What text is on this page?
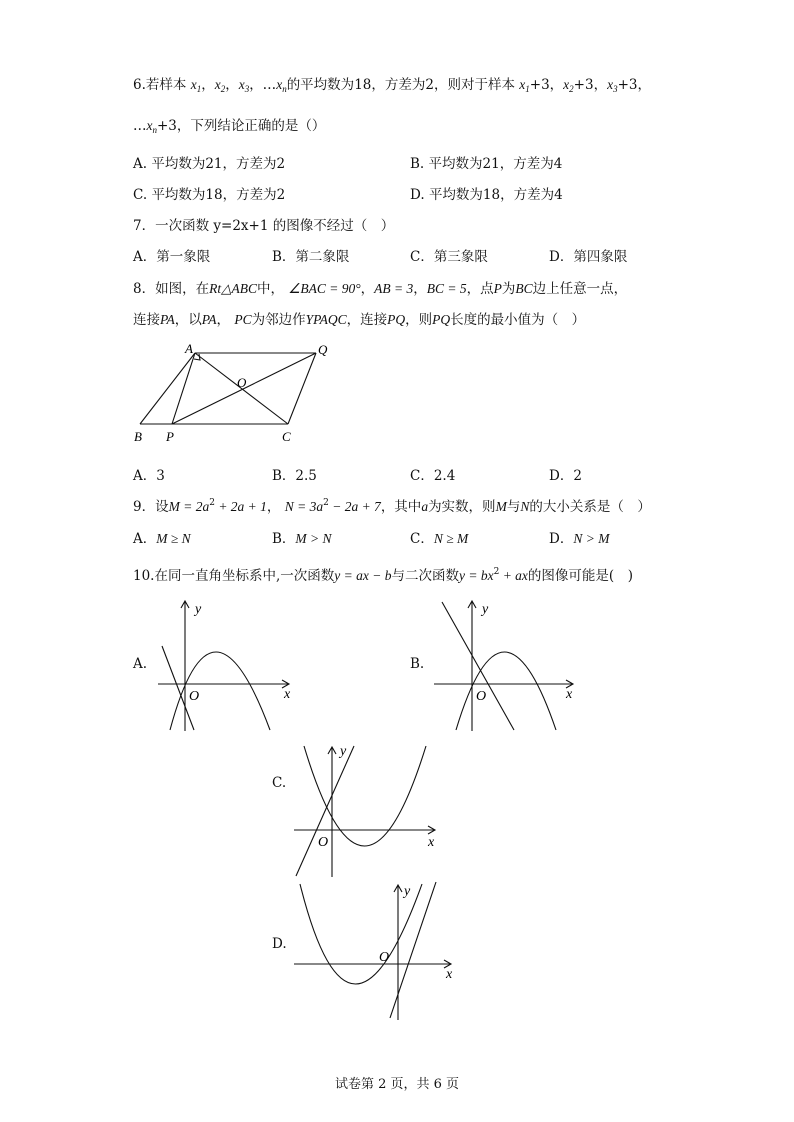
6.若样本 $x_1$，$x_2$，$x_3$，$\dots x_n$的平均数为18，方差为2，则对于样本 $x_1+3$，$x_2+3$，$x_3+3$，
$\dots x_n+3$，下列结论正确的是（）
A. 平均数为21，方差为2	B. 平均数为21，方差为4
C. 平均数为18，方差为2	D. 平均数为18，方差为4
7．一次函数 y=2x+1 的图像不经过（　）
A．第一象限	B．第二象限	C．第三象限	D．第四象限
8．如图，在Rt△ABC中， ∠BAC = 90°，AB = 3，BC = 5，点P为BC边上任意一点，
连接PA，以PA， PC为邻边作YPAQC，连接PQ，则PQ长度的最小值为（　）
A	Q
O
B P	C
A．3	B．2.5	C．2.4	D．2
9．设$M = 2a^2 + 2a + 1$， $N = 3a^2 - 2a + 7$，其中a为实数，则M与N的大小关系是（　）
A．M ≥ N	B．M > N	C．N ≥ M	D．N > M
10.在同一直角坐标系中,一次函数y = ax − b与二次函数$y = bx^2$ + ax的图像可能是(　)
A.
y
x
O
B.
y
x
O
C.
y
x
O
D.
y
x
O
试卷第 2 页，共 6 页
